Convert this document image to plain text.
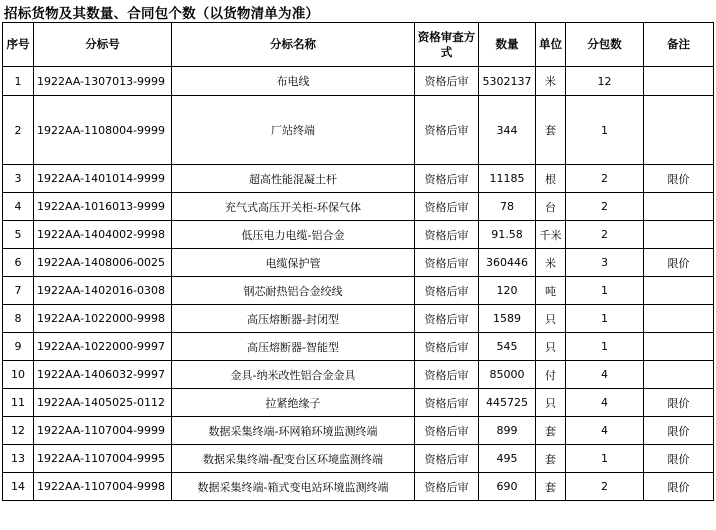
招标货物及其数量、合同包个数（以货物清单为准）
序号	分标号	分标名称	资格审查方式	数量	单位	分包数	备注
1	1922AA-1307013-9999	布电线	资格后审	5302137	米	12	
2	1922AA-1108004-9999	厂站终端	资格后审	344	套	1	
3	1922AA-1401014-9999	超高性能混凝土杆	资格后审	11185	根	2	限价
4	1922AA-1016013-9999	充气式高压开关柜-环保气体	资格后审	78	台	2	
5	1922AA-1404002-9998	低压电力电缆-铝合金	资格后审	91.58	千米	2	
6	1922AA-1408006-0025	电缆保护管	资格后审	360446	米	3	限价
7	1922AA-1402016-0308	钢芯耐热铝合金绞线	资格后审	120	吨	1	
8	1922AA-1022000-9998	高压熔断器-封闭型	资格后审	1589	只	1	
9	1922AA-1022000-9997	高压熔断器-智能型	资格后审	545	只	1	
10	1922AA-1406032-9997	金具-纳米改性铝合金金具	资格后审	85000	付	4	
11	1922AA-1405025-0112	拉紧绝缘子	资格后审	445725	只	4	限价
12	1922AA-1107004-9999	数据采集终端-环网箱环境监测终端	资格后审	899	套	4	限价
13	1922AA-1107004-9995	数据采集终端-配变台区环境监测终端	资格后审	495	套	1	限价
14	1922AA-1107004-9998	数据采集终端-箱式变电站环境监测终端	资格后审	690	套	2	限价
